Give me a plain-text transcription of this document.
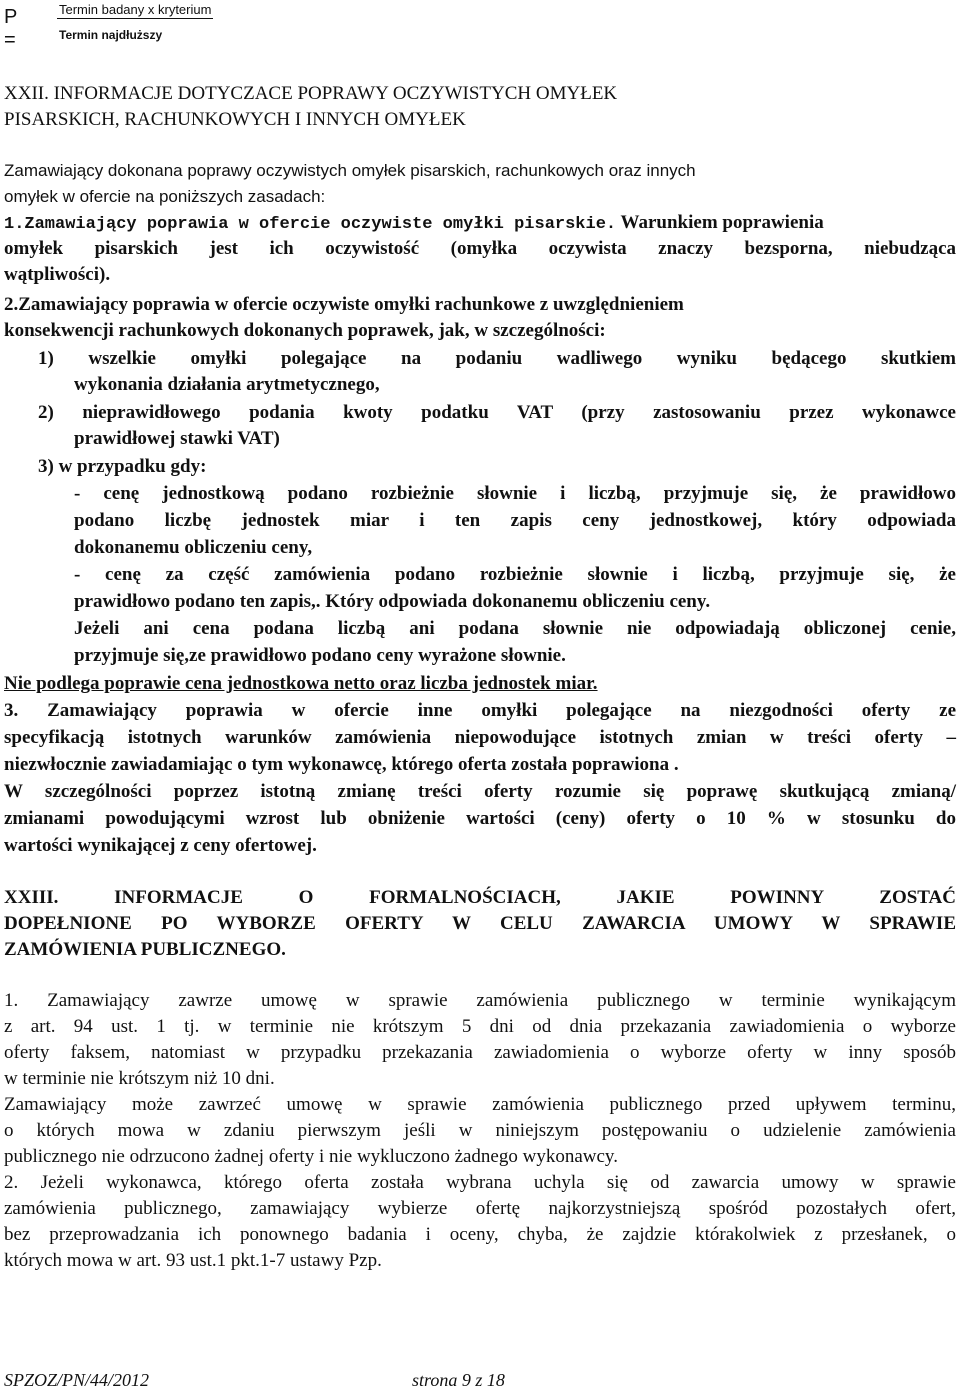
P =
Termin badany x kryterium
Termin najdłuższy
XXII. INFORMACJE DOTYCZACE POPRAWY OCZYWISTYCH OMYŁEK
PISARSKICH, RACHUNKOWYCH I INNYCH OMYŁEK
Zamawiający dokonana poprawy oczywistych omyłek pisarskich, rachunkowych oraz innych
omyłek w ofercie na poniższych zasadach:
1.Zamawiający poprawia w ofercie oczywiste omyłki pisarskie. Warunkiem poprawienia
omyłek pisarskich jest ich oczywistość (omyłka oczywista znaczy bezsporna, niebudząca
wątpliwości).
2.Zamawiający poprawia w ofercie oczywiste omyłki rachunkowe z uwzględnieniem
konsekwencji rachunkowych dokonanych poprawek, jak, w szczególności:
1) wszelkie omyłki polegające na podaniu wadliwego wyniku będącego skutkiem
wykonania działania arytmetycznego,
2) nieprawidłowego podania kwoty podatku VAT (przy zastosowaniu przez wykonawce
prawidłowej stawki VAT)
3) w przypadku gdy:
- cenę jednostkową podano rozbieżnie słownie i liczbą, przyjmuje się, że prawidłowo
podano liczbę jednostek miar i ten zapis ceny jednostkowej, który odpowiada
dokonanemu obliczeniu ceny,
- cenę za część zamówienia podano rozbieżnie słownie i liczbą, przyjmuje się, że
prawidłowo podano ten zapis,. Który odpowiada dokonanemu obliczeniu ceny.
Jeżeli ani cena podana liczbą ani podana słownie nie odpowiadają obliczonej cenie,
przyjmuje się,ze prawidłowo podano ceny wyrażone słownie.
Nie podlega poprawie cena jednostkowa netto oraz liczba jednostek miar.
3. Zamawiający poprawia w ofercie inne omyłki polegające na niezgodności oferty ze
specyfikacją istotnych warunków zamówienia niepowodujące istotnych zmian w treści oferty –
niezwłocznie zawiadamiając o tym wykonawcę, którego oferta została poprawiona .
W szczególności poprzez istotną zmianę treści oferty rozumie się poprawę skutkującą zmianą/
zmianami powodującymi wzrost lub obniżenie wartości (ceny) oferty o 10 % w stosunku do
wartości wynikającej z ceny ofertowej.
XXIII. INFORMACJE O FORMALNOŚCIACH, JAKIE POWINNY ZOSTAĆ
DOPEŁNIONE PO WYBORZE OFERTY W CELU ZAWARCIA UMOWY W SPRAWIE
ZAMÓWIENIA PUBLICZNEGO.
1. Zamawiający zawrze umowę w sprawie zamówienia publicznego w terminie wynikającym
z art. 94 ust. 1 tj. w terminie nie krótszym 5 dni od dnia przekazania zawiadomienia o wyborze
oferty faksem, natomiast w przypadku przekazania zawiadomienia o wyborze oferty w inny sposób
w terminie nie krótszym niż 10 dni.
Zamawiający może zawrzeć umowę w sprawie zamówienia publicznego przed upływem terminu,
o których mowa w zdaniu pierwszym jeśli w niniejszym postępowaniu o udzielenie zamówienia
publicznego nie odrzucono żadnej oferty i nie wykluczono żadnego wykonawcy.
2. Jeżeli wykonawca, którego oferta została wybrana uchyla się od zawarcia umowy w sprawie
zamówienia publicznego, zamawiający wybierze ofertę najkorzystniejszą spośród pozostałych ofert,
bez przeprowadzania ich ponownego badania i oceny, chyba, że zajdzie którakolwiek z przesłanek, o
których mowa w art. 93 ust.1 pkt.1-7 ustawy Pzp.
SPZOZ/PN/44/2012	strona 9 z 18
